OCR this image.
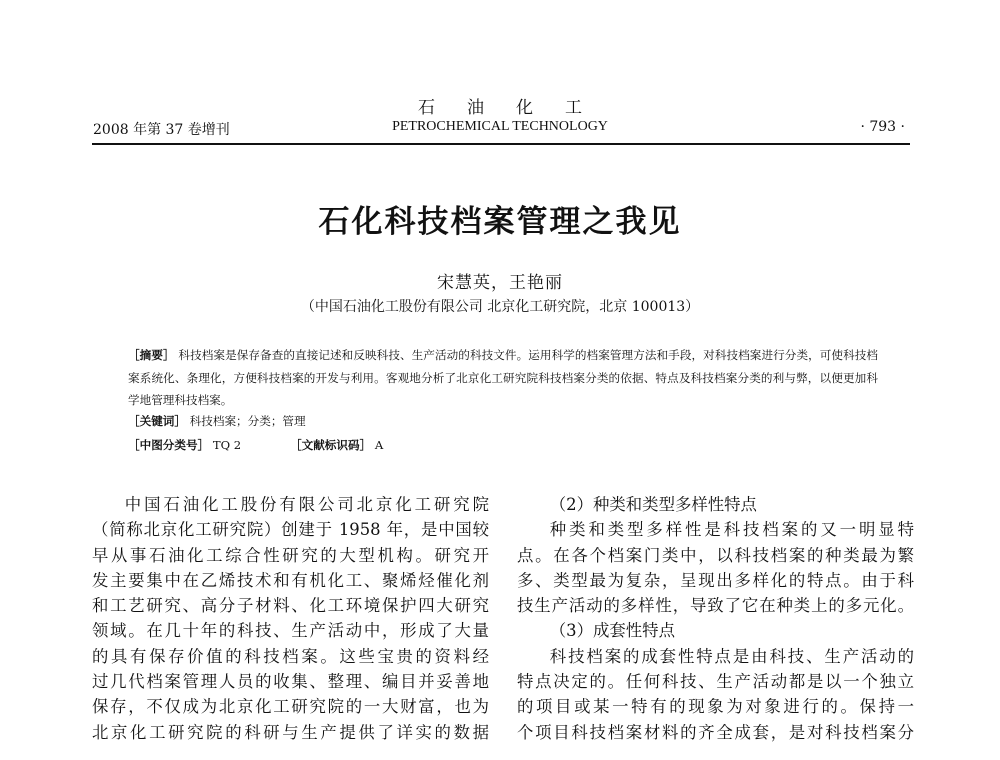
石 油 化 工
2008 年第 37 卷增刊	PETROCHEMICAL TECHNOLOGY	· 793 ·
石化科技档案管理之我见
宋慧英，王艳丽
（中国石油化工股份有限公司 北京化工研究院，北京 100013）
［摘要］ 科技档案是保存备查的直接记述和反映科技、生产活动的科技文件。运用科学的档案管理方法和手段，对科技档案进行分类，可使科技档案系统化、条理化，方便科技档案的开发与利用。客观地分析了北京化工研究院科技档案分类的依据、特点及科技档案分类的利与弊，以便更加科学地管理科技档案。
［关键词］ 科技档案；分类；管理
［中图分类号］ TQ 2	［文献标识码］ A

中国石油化工股份有限公司北京化工研究院

（简称北京化工研究院）创建于 1958 年，是中国较

早从事石油化工综合性研究的大型机构。研究开

发主要集中在乙烯技术和有机化工、聚烯烃催化剂

和工艺研究、高分子材料、化工环境保护四大研究

领域。在几十年的科技、生产活动中，形成了大量

的具有保存价值的科技档案。这些宝贵的资料经

过几代档案管理人员的收集、整理、编目并妥善地

保存，不仅成为北京化工研究院的一大财富，也为

北京化工研究院的科研与生产提供了详实的数据

（2）种类和类型多样性特点

种类和类型多样性是科技档案的又一明显特

点。在各个档案门类中，以科技档案的种类最为繁

多、类型最为复杂，呈现出多样化的特点。由于科

技生产活动的多样性，导致了它在种类上的多元化。

（3）成套性特点

科技档案的成套性特点是由科技、生产活动的

特点决定的。任何科技、生产活动都是以一个独立

的项目或某一特有的现象为对象进行的。保持一

个项目科技档案材料的齐全成套，是对科技档案分
